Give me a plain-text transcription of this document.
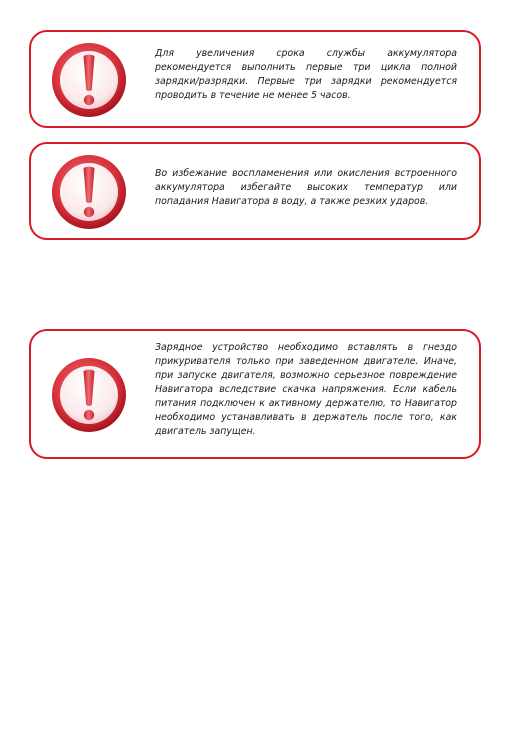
Для увеличения срока службы аккумулятора рекомендуется выполнить первые три цикла полной зарядки/разрядки. Первые три зарядки рекомендуется проводить в течение не менее 5 часов.

Во избежание воспламенения или окисления встроенного аккумулятора избегайте высоких температур или попадания Навигатора в воду, а также резких ударов.

Зарядное устройство необходимо вставлять в гнездо прикуривателя только при заведенном двигателе. Иначе, при запуске двигателя, возможно серьезное повреждение Навигатора вследствие скачка напряжения. Если кабель питания подключен к активному держателю, то Навигатор необходимо устанавливать в держатель после того, как двигатель запущен.
